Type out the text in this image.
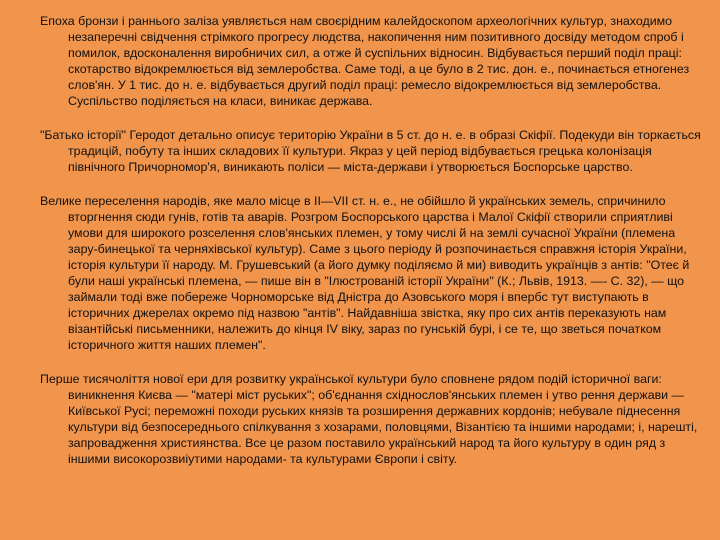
Епоха бронзи і раннього заліза уявляється нам своєрідним калейдоскопом археологічних культур, знаходимо незаперечні свідчення стрімкого прогресу людства, накопичення ним позитивного досвіду методом спроб і помилок, вдосконалення виробничих сил, а отже й суспільних відносин. Відбувається перший поділ праці: скотарство відокремлюється від землеробства. Саме тоді, а це було в 2 тис. дон. е., починається етногенез слов'ян. У 1 тис. до н. е. відбувається другий поділ праці: ремесло відокремлюється від землеробства. Суспільство поділяється на класи, виникає держава.

"Батько історії" Геродот детально описує територію України в 5 ст. до н. е. в образі Скіфії. Подекуди він торкається традицій, побуту та інших складових її культури. Якраз у цей період відбувається грецька колонізація північного Причорномор'я, виникають поліси — міста-держави і утворюється Боспорське царство.

Велике переселення народів, яке мало місце в II—VII ст. н. е., не обійшло й українських земель, спричинило вторгнення сюди гунів, готів та аварів. Розгром Боспорського царства і Малої Скіфії створили сприятливі умови для широкого розселення слов'янських племен, у тому числі й на землі сучасної України (племена зару-бинецької та черняхівської культур). Саме з цього періоду й розпочинається справжня історія України, історія культури її народу. М. Грушевський (а його думку поділяємо й ми) виводить українців з антів: "Отеє й були наші українські племена, — пише він в "Ілюстрованій історії України" (К.; Львів, 1913. —- С. 32), — що займали тоді вже побереже Чорноморське від Дністра до Азовського моря і впербс тут виступають в історичних джерелах окремо під назвою "антів". Найдавніша звістка, яку про сих антів переказують нам візантійські письменники, належить до кінця IV віку, зараз по гунській бурі, і се те, що зветься початком історичного життя наших племен".

Перше тисячоліття нової ери для розвитку української культури було сповнене рядом подій історичної ваги: виникнення Києва — "матері міст руських"; об'єднання східнослов'янських племен і утво рення держави — Київської Русі; переможні походи руських князів та розширення державних кордонів; небувале піднесення культури від безпосереднього спілкування з хозарами, половцями, Візантією та іншими народами; і, нарешті, запровадження християнства. Все це разом поставило український народ та його культуру в один ряд з іншими високорозвиіутими народами- та культурами Європи і світу.
